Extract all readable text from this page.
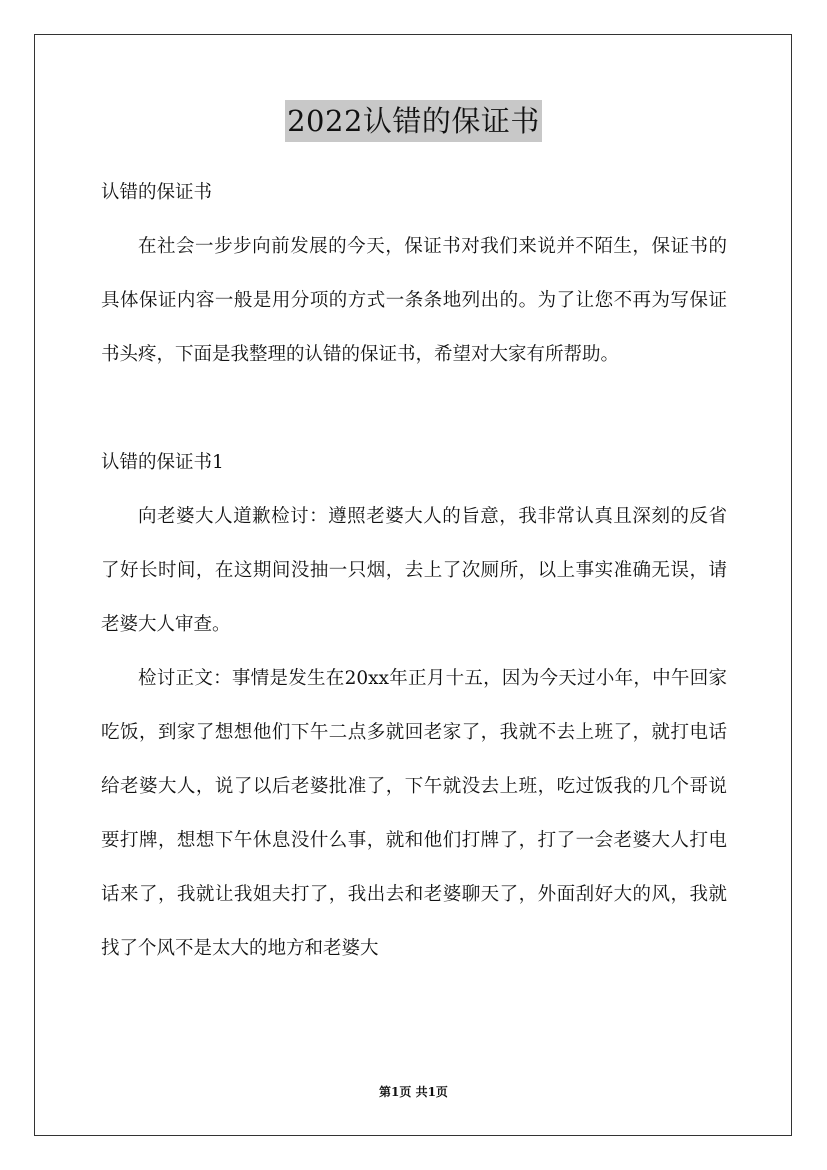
2022认错的保证书

认错的保证书

在社会一步步向前发展的今天，保证书对我们来说并不陌生，保证书的具体保证内容一般是用分项的方式一条条地列出的。为了让您不再为写保证书头疼，下面是我整理的认错的保证书，希望对大家有所帮助。

认错的保证书1

向老婆大人道歉检讨：遵照老婆大人的旨意，我非常认真且深刻的反省了好长时间，在这期间没抽一只烟，去上了次厕所，以上事实准确无误，请老婆大人审查。

检讨正文：事情是发生在20xx年正月十五，因为今天过小年，中午回家吃饭，到家了想想他们下午二点多就回老家了，我就不去上班了，就打电话给老婆大人，说了以后老婆批准了，下午就没去上班，吃过饭我的几个哥说要打牌，想想下午休息没什么事，就和他们打牌了，打了一会老婆大人打电话来了，我就让我姐夫打了，我出去和老婆聊天了，外面刮好大的风，我就找了个风不是太大的地方和老婆大

第1页 共1页
